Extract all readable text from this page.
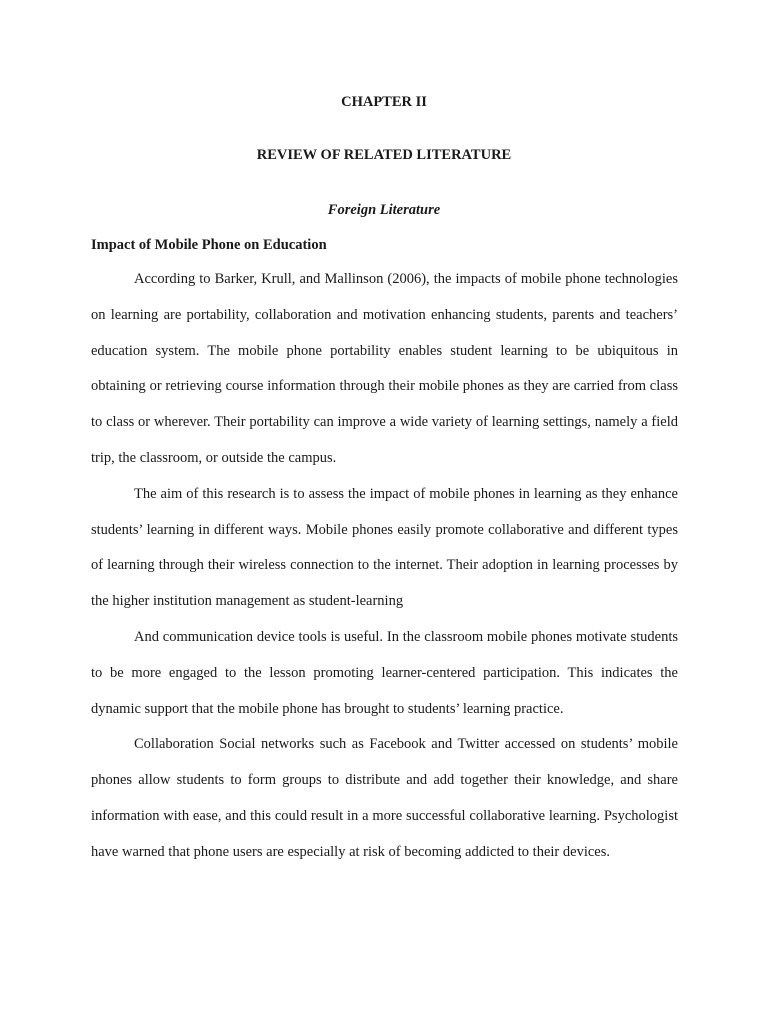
CHAPTER II
REVIEW OF RELATED LITERATURE
Foreign Literature
Impact of Mobile Phone on Education

According to Barker, Krull, and Mallinson (2006), the impacts of mobile phone technologies on learning are portability, collaboration and motivation enhancing students, parents and teachers’ education system. The mobile phone portability enables student learning to be ubiquitous in obtaining or retrieving course information through their mobile phones as they are carried from class to class or wherever. Their portability can improve a wide variety of learning settings, namely a field trip, the classroom, or outside the campus.

The aim of this research is to assess the impact of mobile phones in learning as they enhance students’ learning in different ways. Mobile phones easily promote collaborative and different types of learning through their wireless connection to the internet. Their adoption in learning processes by the higher institution management as student-learning

And communication device tools is useful. In the classroom mobile phones motivate students to be more engaged to the lesson promoting learner-centered participation. This indicates the dynamic support that the mobile phone has brought to students’ learning practice.

Collaboration Social networks such as Facebook and Twitter accessed on students’ mobile phones allow students to form groups to distribute and add together their knowledge, and share information with ease, and this could result in a more successful collaborative learning. Psychologist have warned that phone users are especially at risk of becoming addicted to their devices.
